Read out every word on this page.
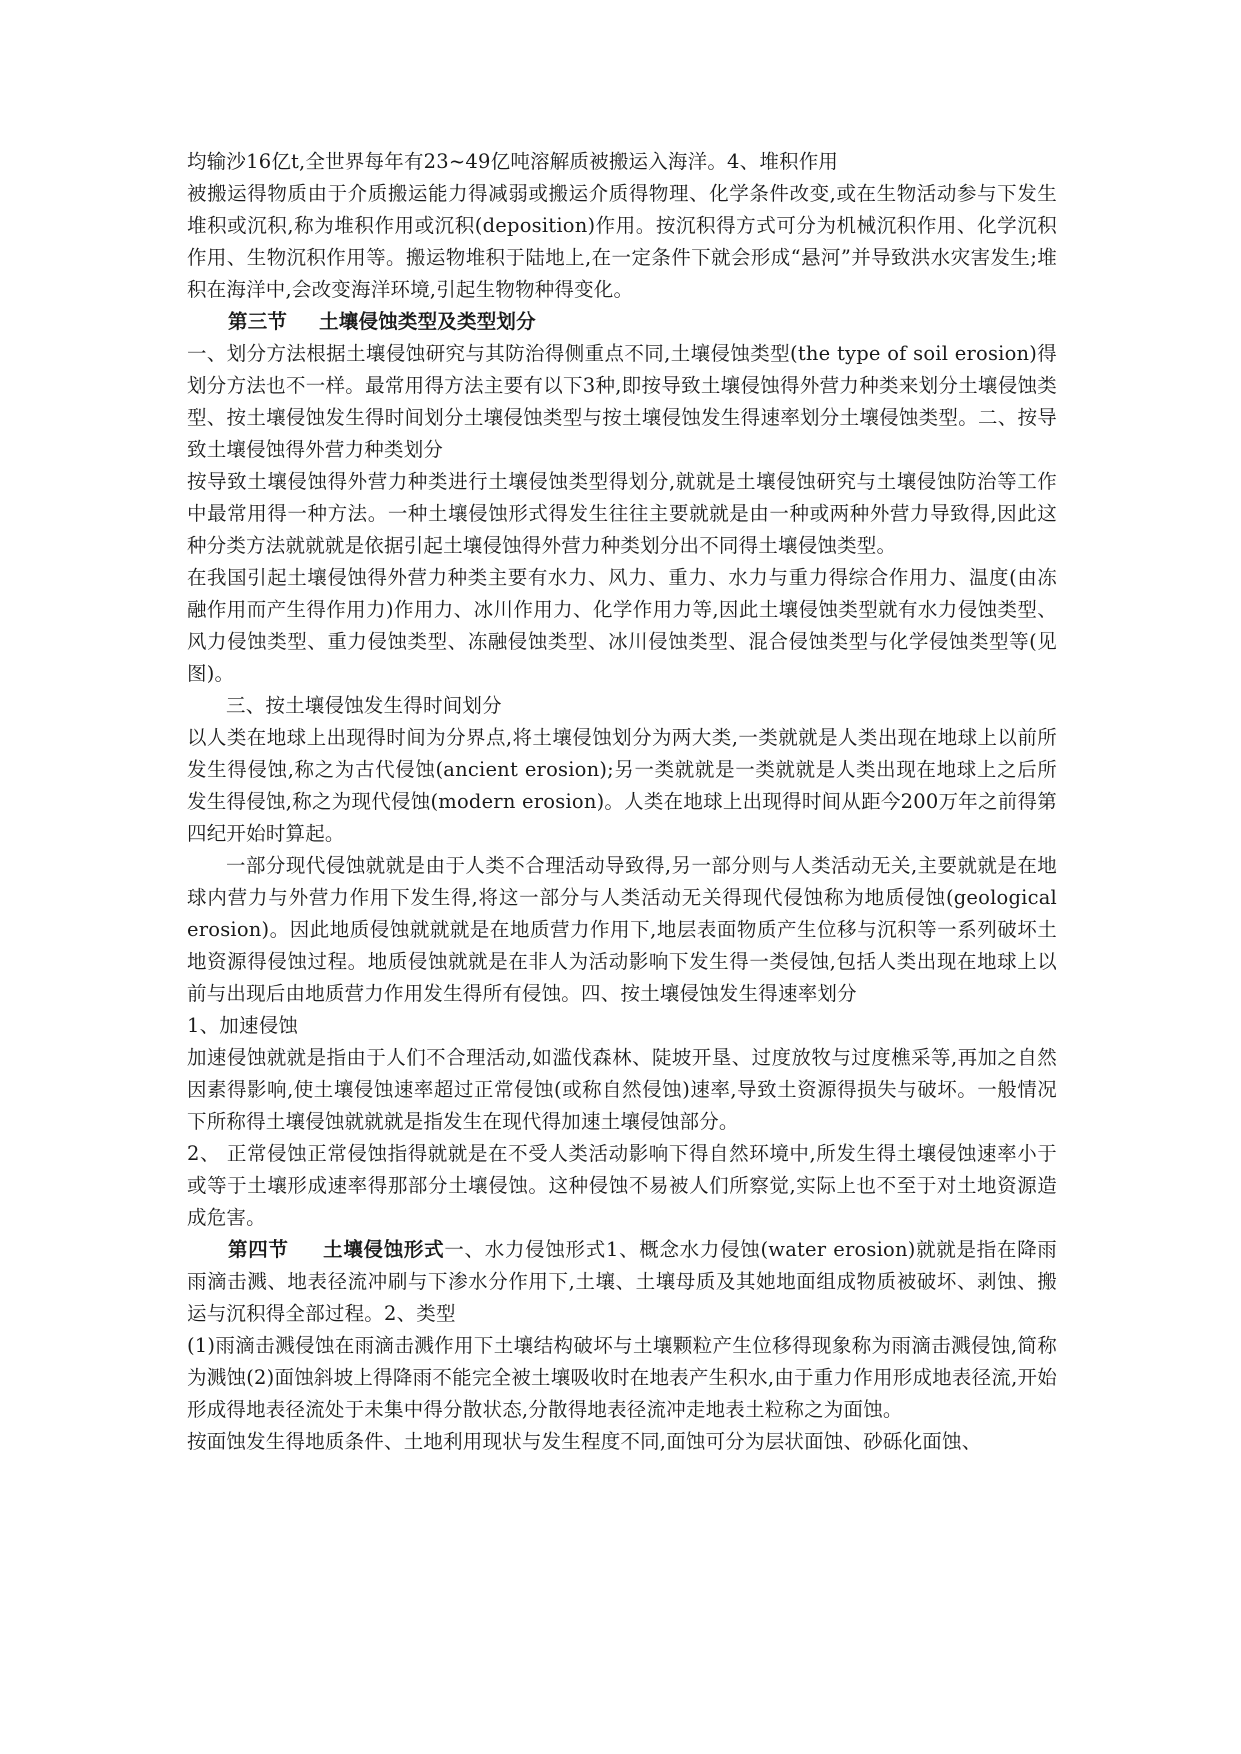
均输沙16亿t,全世界每年有23~49亿吨溶解质被搬运入海洋。4、堆积作用

被搬运得物质由于介质搬运能力得减弱或搬运介质得物理、化学条件改变,或在生物活动参与下发生堆积或沉积,称为堆积作用或沉积(deposition)作用。按沉积得方式可分为机械沉积作用、化学沉积作用、生物沉积作用等。搬运物堆积于陆地上,在一定条件下就会形成“悬河”并导致洪水灾害发生;堆积在海洋中,会改变海洋环境,引起生物物种得变化。

第三节 土壤侵蚀类型及类型划分

一、划分方法根据土壤侵蚀研究与其防治得侧重点不同,土壤侵蚀类型(the type of soil erosion)得划分方法也不一样。最常用得方法主要有以下3种,即按导致土壤侵蚀得外营力种类来划分土壤侵蚀类型、按土壤侵蚀发生得时间划分土壤侵蚀类型与按土壤侵蚀发生得速率划分土壤侵蚀类型。二、按导致土壤侵蚀得外营力种类划分

按导致土壤侵蚀得外营力种类进行土壤侵蚀类型得划分,就就是土壤侵蚀研究与土壤侵蚀防治等工作中最常用得一种方法。一种土壤侵蚀形式得发生往往主要就就是由一种或两种外营力导致得,因此这种分类方法就就就是依据引起土壤侵蚀得外营力种类划分出不同得土壤侵蚀类型。

在我国引起土壤侵蚀得外营力种类主要有水力、风力、重力、水力与重力得综合作用力、温度(由冻融作用而产生得作用力)作用力、冰川作用力、化学作用力等,因此土壤侵蚀类型就有水力侵蚀类型、风力侵蚀类型、重力侵蚀类型、冻融侵蚀类型、冰川侵蚀类型、混合侵蚀类型与化学侵蚀类型等(见图)。

三、按土壤侵蚀发生得时间划分

以人类在地球上出现得时间为分界点,将土壤侵蚀划分为两大类,一类就就是人类出现在地球上以前所发生得侵蚀,称之为古代侵蚀(ancient erosion);另一类就就是一类就就是人类出现在地球上之后所发生得侵蚀,称之为现代侵蚀(modern erosion)。人类在地球上出现得时间从距今200万年之前得第四纪开始时算起。

一部分现代侵蚀就就是由于人类不合理活动导致得,另一部分则与人类活动无关,主要就就是在地球内营力与外营力作用下发生得,将这一部分与人类活动无关得现代侵蚀称为地质侵蚀(geological erosion)。因此地质侵蚀就就就是在地质营力作用下,地层表面物质产生位移与沉积等一系列破坏土地资源得侵蚀过程。地质侵蚀就就是在非人为活动影响下发生得一类侵蚀,包括人类出现在地球上以前与出现后由地质营力作用发生得所有侵蚀。四、按土壤侵蚀发生得速率划分

1、加速侵蚀

加速侵蚀就就是指由于人们不合理活动,如滥伐森林、陡坡开垦、过度放牧与过度樵采等,再加之自然因素得影响,使土壤侵蚀速率超过正常侵蚀(或称自然侵蚀)速率,导致土资源得损失与破坏。一般情况下所称得土壤侵蚀就就就是指发生在现代得加速土壤侵蚀部分。

2、 正常侵蚀正常侵蚀指得就就是在不受人类活动影响下得自然环境中,所发生得土壤侵蚀速率小于或等于土壤形成速率得那部分土壤侵蚀。这种侵蚀不易被人们所察觉,实际上也不至于对土地资源造成危害。

第四节 土壤侵蚀形式一、水力侵蚀形式1、概念水力侵蚀(water erosion)就就是指在降雨雨滴击溅、地表径流冲刷与下渗水分作用下,土壤、土壤母质及其她地面组成物质被破坏、剥蚀、搬运与沉积得全部过程。2、类型

(1)雨滴击溅侵蚀在雨滴击溅作用下土壤结构破坏与土壤颗粒产生位移得现象称为雨滴击溅侵蚀,简称为溅蚀(2)面蚀斜坡上得降雨不能完全被土壤吸收时在地表产生积水,由于重力作用形成地表径流,开始形成得地表径流处于未集中得分散状态,分散得地表径流冲走地表土粒称之为面蚀。

按面蚀发生得地质条件、土地利用现状与发生程度不同,面蚀可分为层状面蚀、砂砾化面蚀、
